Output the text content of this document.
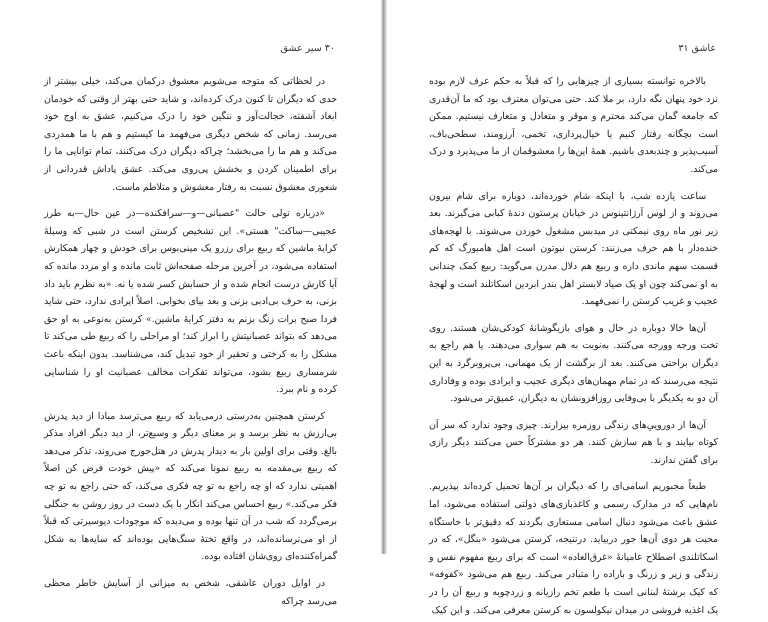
۳۰ سیر عشق

در لحظاتی که متوجه می‌شویم معشوق درکمان می‌کند، خیلی بیشتر از حدی که دیگران تا کنون درک کرده‌اند، و شاید حتی بهتر از وقتی که خودمان ابعاد آشفته، خجالت‌آور و ننگین خود را درک می‌کنیم، عشق به اوج خود می‌رسد. زمانی که شخص دیگری می‌فهمد ما کیستیم و هم با ما همدردی می‌کند و هم ما را می‌بخشد؛ چراکه دیگران درک می‌کنند، تمام توانایی ما را برای اطمینان کردن و بخشش پی‌روی می‌کند. عشق پاداش قدردانی از شعوری معشوق نسبت به رفتار معشوش و متلاطم ماست.

«درباره تولی حالت "عصبانی—و—سرافکنده—در عین حال—به طرز عجیبی—ساکت" هستی». این تشخیص کرستن است در شبی که وسیلهٔ کرایهٔ ماشین که ربیع برای رزرو یک مینی‌بوس برای خودش و چهار همکارش استفاده می‌شود، در آخرین مرحله صفحه‌اش ثابت مانده و او مردد مانده که آیا کارش درست انجام شده و از حسابش کسر شده یا نه. «به نظرم باید داد بزنی، به حرف بی‌ادبی بزنی و بعد بیای بخوابی. اصلاً ایرادی ندارد، حتی شاید فردا صبح برات زنگ بزنم به دفتر کرایهٔ ماشین.» کرستن به‌نوعی به او حق می‌دهد که بتواند عصبانیتش را ابراز کند؛ او مراحلی را که ربیع طی می‌کند تا مشکل را به کرختی و تحقیر از خود تبدیل کند، می‌شناسد. بدون اینکه باعث شرمساری ربیع بشود، می‌تواند تفکرات مخالف عصبانیت او را شناسایی کرده و نام ببرد.

کرستن همچنین به‌درستی درمی‌یابد که ربیع می‌ترسد مبادا از دید پدرش بی‌ارزش به نظر برسد و بر معنای دیگر و وسیع‌تر، از دید دیگر افراد مذکر بالغ. وقتی برای اولین بار به دیدار پدرش در هتل‌جورج می‌روند، تذکر می‌دهد که ربیع بی‌مقدمه به ربیع نمونا می‌کند که «پیش خودت فرض کن اصلاً اهمیتی ندارد که او چه راجع به تو چه فکری می‌کند، که حتی راجع به تو چه فکر می‌کند.» ربیع احساس می‌کند انکار با یک دست در روز روشن به جنگلی برمی‌گردد که شب در آن تنها بوده و می‌دیده که موجودات دیوسیرتی که قبلاً از او می‌ترسانده‌اند، در واقع تختهٔ سنگ‌هایی بوده‌اند که سایه‌ها به شکل گمراه‌کننده‌ای روی‌شان افتاده بوده.

در اوایل دوران عاشقی، شخص به میزانی از آسایش خاطر محظی می‌رسد چراکه

عاشق ۳۱

بالاخره توانسته بسیاری از چیزهایی را که قبلاً به حکم عرف لازم بوده نزد خود پنهان نگه دارد، بر ملا کند. حتی می‌توان معترف بود که ما آن‌قدری که جامعه گمان می‌کند محترم و موقر و متعادل و متعارف نیستیم. ممکن است بچگانه رفتار کنیم یا خیال‌پردازی، تخمی، آرزومند، سطحی‌باف، آسیب‌پذیر و چندبعدی باشیم. همهٔ این‌ها را معشوقمان از ما می‌پذیرد و درک می‌کند.

ساعت یازده شب، با اینکه شام خورده‌اند، دوباره برای شام بیرون می‌روند و از لوس آرژانتینوس در خیابان پرستون دندهٔ کبابی می‌گیرند. بعد زیر نور ماه روی نیمکتی در میدبس مشغول خوردن می‌شوند. با لهجه‌های خنده‌دار با هم حرف می‌زنند: کرستن نیوتون است اهل هامبورگ که کم قسمت سهم ماندی داره و ربیع هم دلال مدرن می‌گوید: ربیع کمک چندانی به او نمی‌کند چون او یک صیاد لابستر اهل بندر ابردین اسکاتلند است و لهجهٔ عجیب و غریب کرستن را نمی‌فهمد.

آن‌ها خالا دوباره در حال و هوای بازیگوشانهٔ کودکی‌شان هستند. روی تخت ورجه وورجه می‌کنند. به‌نوبت به هم سواری می‌دهند. یا هم راجع به دیگران براحتی می‌کنند. بعد از برگشت از یک مهمانی، بی‌پروبرگرد به این نتیجه می‌رسند که در تمام مهمان‌های دیگری عجیب و ایرادی بوده و وفاداری آن دو به یکدیگر با بی‌وفایی روزافزونشان به دیگران، عمیق‌تر می‌شود.

آن‌ها از دوروییِ‌های زندگی روزمره بیزارند. چیزی وجود ندارد که سر آن کوتاه بیایند و با هم سازش کنند. هر دو مشترکاً حس می‌کنند دیگر رازی برای گفتن ندارند.

طبعاً مجبوریم اسامی‌ای را که دیگران بر آن‌ها تحمیل کرده‌اند بپذیریم. نام‌هایی که در مدارک رسمی و کاغذبازی‌های دولتی استفاده می‌شود، اما عشق باعث می‌شود دنبال اسامی مستعاری بگردند که دقیق‌تر با خاستگاه محبت هر دوی آن‌ها جور دربیاید. درنتیجه، کرستن می‌شود «بنگل»، که در اسکاتلندی اصطلاح عامیانهٔ «غرق‌العاده» است که برای ربیع مفهوم نفس و زندگی و زیر و زرنگ و باراده را متبادر می‌کند. ربیع هم می‌شود «کفوفه» که کیک برشتهٔ لبنانی است با طعم تخم رازیانه و زردچوبه و ربیع آن را در یک اغذیه فروشی در میدان نیکولسون به کرستن معرفی می‌کند. و این کیک
